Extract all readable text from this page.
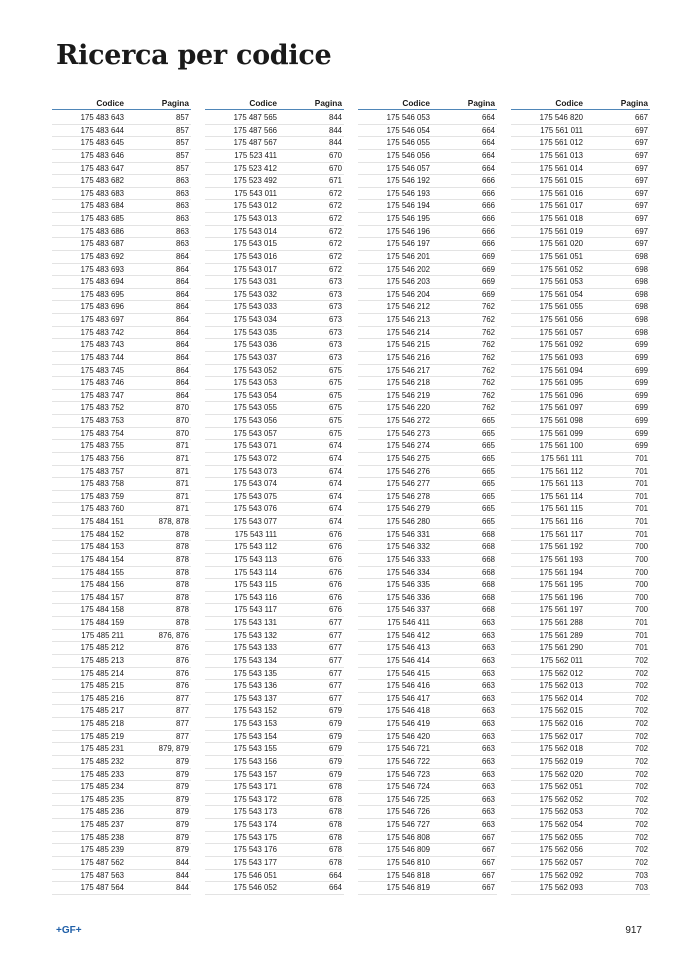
Ricerca per codice
Codice	Pagina
175 483 643	857
175 483 644	857
175 483 645	857
175 483 646	857
175 483 647	857
175 483 682	863
175 483 683	863
175 483 684	863
175 483 685	863
175 483 686	863
175 483 687	863
175 483 692	864
175 483 693	864
175 483 694	864
175 483 695	864
175 483 696	864
175 483 697	864
175 483 742	864
175 483 743	864
175 483 744	864
175 483 745	864
175 483 746	864
175 483 747	864
175 483 752	870
175 483 753	870
175 483 754	870
175 483 755	871
175 483 756	871
175 483 757	871
175 483 758	871
175 483 759	871
175 483 760	871
175 484 151	878, 878
175 484 152	878
175 484 153	878
175 484 154	878
175 484 155	878
175 484 156	878
175 484 157	878
175 484 158	878
175 484 159	878
175 485 211	876, 876
175 485 212	876
175 485 213	876
175 485 214	876
175 485 215	876
175 485 216	877
175 485 217	877
175 485 218	877
175 485 219	877
175 485 231	879, 879
175 485 232	879
175 485 233	879
175 485 234	879
175 485 235	879
175 485 236	879
175 485 237	879
175 485 238	879
175 485 239	879
175 487 562	844
175 487 563	844
175 487 564	844
Codice	Pagina
175 487 565	844
175 487 566	844
175 487 567	844
175 523 411	670
175 523 412	670
175 523 492	671
175 543 011	672
175 543 012	672
175 543 013	672
175 543 014	672
175 543 015	672
175 543 016	672
175 543 017	672
175 543 031	673
175 543 032	673
175 543 033	673
175 543 034	673
175 543 035	673
175 543 036	673
175 543 037	673
175 543 052	675
175 543 053	675
175 543 054	675
175 543 055	675
175 543 056	675
175 543 057	675
175 543 071	674
175 543 072	674
175 543 073	674
175 543 074	674
175 543 075	674
175 543 076	674
175 543 077	674
175 543 111	676
175 543 112	676
175 543 113	676
175 543 114	676
175 543 115	676
175 543 116	676
175 543 117	676
175 543 131	677
175 543 132	677
175 543 133	677
175 543 134	677
175 543 135	677
175 543 136	677
175 543 137	677
175 543 152	679
175 543 153	679
175 543 154	679
175 543 155	679
175 543 156	679
175 543 157	679
175 543 171	678
175 543 172	678
175 543 173	678
175 543 174	678
175 543 175	678
175 543 176	678
175 543 177	678
175 546 051	664
175 546 052	664
Codice	Pagina
175 546 053	664
175 546 054	664
175 546 055	664
175 546 056	664
175 546 057	664
175 546 192	666
175 546 193	666
175 546 194	666
175 546 195	666
175 546 196	666
175 546 197	666
175 546 201	669
175 546 202	669
175 546 203	669
175 546 204	669
175 546 212	762
175 546 213	762
175 546 214	762
175 546 215	762
175 546 216	762
175 546 217	762
175 546 218	762
175 546 219	762
175 546 220	762
175 546 272	665
175 546 273	665
175 546 274	665
175 546 275	665
175 546 276	665
175 546 277	665
175 546 278	665
175 546 279	665
175 546 280	665
175 546 331	668
175 546 332	668
175 546 333	668
175 546 334	668
175 546 335	668
175 546 336	668
175 546 337	668
175 546 411	663
175 546 412	663
175 546 413	663
175 546 414	663
175 546 415	663
175 546 416	663
175 546 417	663
175 546 418	663
175 546 419	663
175 546 420	663
175 546 721	663
175 546 722	663
175 546 723	663
175 546 724	663
175 546 725	663
175 546 726	663
175 546 727	663
175 546 808	667
175 546 809	667
175 546 810	667
175 546 818	667
175 546 819	667
Codice	Pagina
175 546 820	667
175 561 011	697
175 561 012	697
175 561 013	697
175 561 014	697
175 561 015	697
175 561 016	697
175 561 017	697
175 561 018	697
175 561 019	697
175 561 020	697
175 561 051	698
175 561 052	698
175 561 053	698
175 561 054	698
175 561 055	698
175 561 056	698
175 561 057	698
175 561 092	699
175 561 093	699
175 561 094	699
175 561 095	699
175 561 096	699
175 561 097	699
175 561 098	699
175 561 099	699
175 561 100	699
175 561 111	701
175 561 112	701
175 561 113	701
175 561 114	701
175 561 115	701
175 561 116	701
175 561 117	701
175 561 192	700
175 561 193	700
175 561 194	700
175 561 195	700
175 561 196	700
175 561 197	700
175 561 288	701
175 561 289	701
175 561 290	701
175 562 011	702
175 562 012	702
175 562 013	702
175 562 014	702
175 562 015	702
175 562 016	702
175 562 017	702
175 562 018	702
175 562 019	702
175 562 020	702
175 562 051	702
175 562 052	702
175 562 053	702
175 562 054	702
175 562 055	702
175 562 056	702
175 562 057	702
175 562 092	703
175 562 093	703
+GF+	917
